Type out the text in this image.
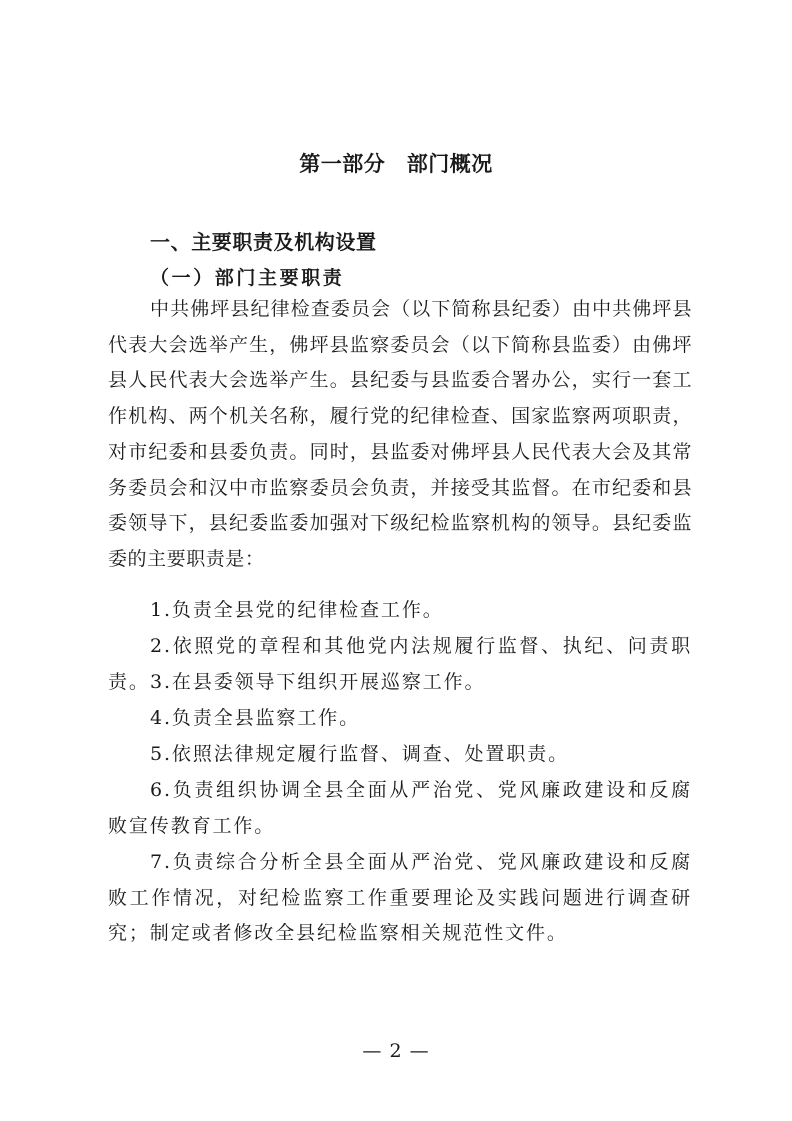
第一部分　部门概况
一、主要职责及机构设置
（一）部门主要职责

中共佛坪县纪律检查委员会（以下简称县纪委）由中共佛坪县代表大会选举产生，佛坪县监察委员会（以下简称县监委）由佛坪县人民代表大会选举产生。县纪委与县监委合署办公，实行一套工作机构、两个机关名称，履行党的纪律检查、国家监察两项职责，对市纪委和县委负责。同时，县监委对佛坪县人民代表大会及其常务委员会和汉中市监察委员会负责，并接受其监督。在市纪委和县委领导下，县纪委监委加强对下级纪检监察机构的领导。县纪委监委的主要职责是：

1.负责全县党的纪律检查工作。

2.依照党的章程和其他党内法规履行监督、执纪、问责职责。 3.在县委领导下组织开展巡察工作。

4.负责全县监察工作。

5.依照法律规定履行监督、调查、处置职责。

6.负责组织协调全县全面从严治党、党风廉政建设和反腐败宣传教育工作。

7.负责综合分析全县全面从严治党、党风廉政建设和反腐败工作情况，对纪检监察工作重要理论及实践问题进行调查研究；制定或者修改全县纪检监察相关规范性文件。

— 2 —
